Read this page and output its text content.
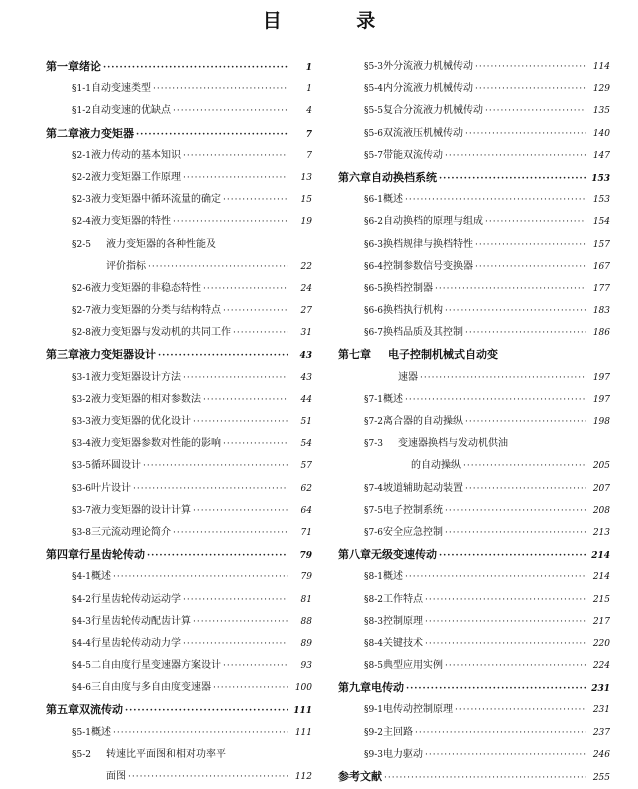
目 录
第一章 绪论 ·····	1
§1-1 自动变速类型 ·····	1
§1-2 自动变速的优缺点 ·····	4
第二章 液力变矩器 ·····	7
§2-1 液力传动的基本知识 ·····	7
§2-2 液力变矩器工作原理 ·····	13
§2-3 液力变矩器中循环流量的确定 ·····	15
§2-4 液力变矩器的特性 ·····	19
§2-5	液力变矩器的各种性能及
评价指标 ·····	22
§2-6 液力变矩器的非稳态特性 ·····	24
§2-7 液力变矩器的分类与结构特点 ·····	27
§2-8 液力变矩器与发动机的共同工作 ·····	31
第三章 液力变矩器设计 ·····	43
§3-1 液力变矩器设计方法 ·····	43
§3-2 液力变矩器的相对参数法 ·····	44
§3-3 液力变矩器的优化设计 ·····	51
§3-4 液力变矩器参数对性能的影响 ·····	54
§3-5 循环圆设计 ·····	57
§3-6 叶片设计 ·····	62
§3-7 液力变矩器的设计计算 ·····	64
§3-8 三元流动理论简介 ·····	71
第四章 行星齿轮传动 ·····	79
§4-1 概述 ·····	79
§4-2 行星齿轮传动运动学 ·····	81
§4-3 行星齿轮传动配齿计算 ·····	88
§4-4 行星齿轮传动动力学 ·····	89
§4-5 二自由度行星变速器方案设计 ·····	93
§4-6 三自由度与多自由度变速器 ·····	100
第五章 双流传动 ·····	111
§5-1 概述 ·····	111
§5-2	转速比平面图和相对功率平
面图 ·····	112
§5-3 外分流液力机械传动 ·····	114
§5-4 内分流液力机械传动 ·····	129
§5-5 复合分流液力机械传动 ·····	135
§5-6 双流液压机械传动 ·····	140
§5-7 带能双流传动 ·····	147
第六章 自动换档系统 ·····	153
§6-1 概述 ·····	153
§6-2 自动换档的原理与组成 ·····	154
§6-3 换档规律与换档特性 ·····	157
§6-4 控制参数信号变换器 ·····	167
§6-5 换档控制器 ·····	177
§6-6 换档执行机构 ·····	183
§6-7 换档品质及其控制 ·····	186
第七章	电子控制机械式自动变
速器 ·····	197
§7-1 概述 ·····	197
§7-2 离合器的自动操纵 ·····	198
§7-3	变速器换档与发动机供油
的自动操纵 ·····	205
§7-4 坡道辅助起动装置 ·····	207
§7-5 电子控制系统 ·····	208
§7-6 安全应急控制 ·····	213
第八章 无级变速传动 ·····	214
§8-1 概述 ·····	214
§8-2 工作特点 ·····	215
§8-3 控制原理 ·····	217
§8-4 关键技术 ·····	220
§8-5 典型应用实例 ·····	224
第九章 电传动 ·····	231
§9-1 电传动控制原理 ·····	231
§9-2 主回路 ·····	237
§9-3 电力驱动 ·····	246
参考文献 ·····	255
